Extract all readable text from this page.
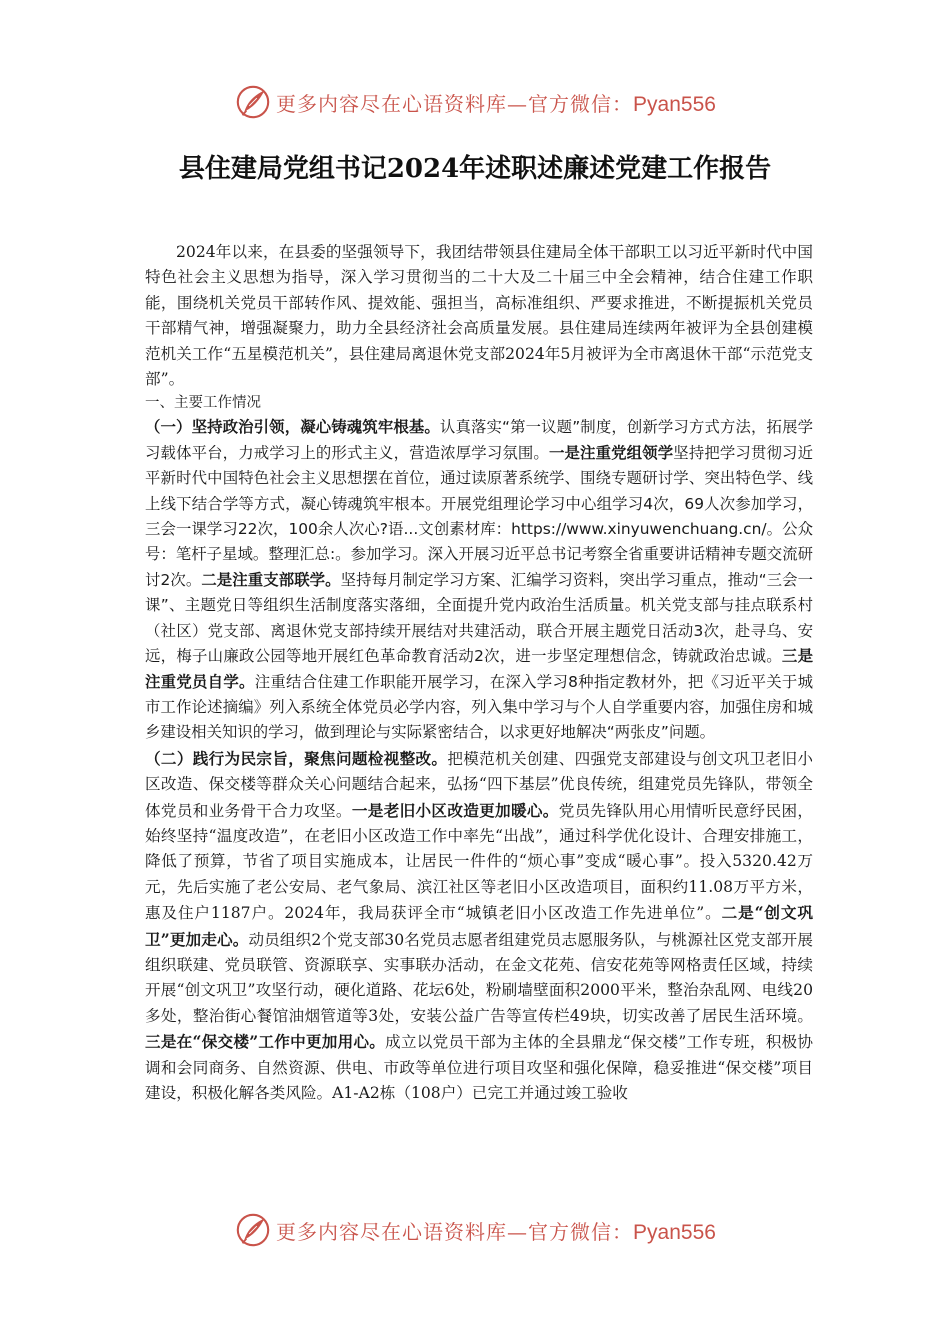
更多内容尽在心语资料库—官方微信：Pyan556
县住建局党组书记2024年述职述廉述党建工作报告

2024年以来，在县委的坚强领导下，我团结带领县住建局全体干部职工以习近平新时代中国特色社会主义思想为指导，深入学习贯彻当的二十大及二十届三中全会精神，结合住建工作职能，围绕机关党员干部转作风、提效能、强担当，高标准组织、严要求推进，不断提振机关党员干部精气神，增强凝聚力，助力全县经济社会高质量发展。县住建局连续两年被评为全县创建模范机关工作“五星模范机关”，县住建局离退休党支部2024年5月被评为全市离退休干部“示范党支部”。

一、主要工作情况

（一）坚持政治引领，凝心铸魂筑牢根基。认真落实“第一议题”制度，创新学习方式方法，拓展学习载体平台，力戒学习上的形式主义，营造浓厚学习氛围。一是注重党组领学坚持把学习贯彻习近平新时代中国特色社会主义思想摆在首位，通过读原著系统学、围绕专题研讨学、突出特色学、线上线下结合学等方式，凝心铸魂筑牢根本。开展党组理论学习中心组学习4次，69人次参加学习，三会一课学习22次，100余人次心?语...文创素材库：https://www.xinyuwenchuang.cn/。公众号：笔杆子星域。整理汇总:。参加学习。深入开展习近平总书记考察全省重要讲话精神专题交流研讨2次。二是注重支部联学。坚持每月制定学习方案、汇编学习资料，突出学习重点，推动“三会一课”、主题党日等组织生活制度落实落细，全面提升党内政治生活质量。机关党支部与挂点联系村（社区）党支部、离退休党支部持续开展结对共建活动，联合开展主题党日活动3次，赴寻乌、安远，梅子山廉政公园等地开展红色革命教育活动2次，进一步坚定理想信念，铸就政治忠诚。三是注重党员自学。注重结合住建工作职能开展学习，在深入学习8种指定教材外，把《习近平关于城市工作论述摘编》列入系统全体党员必学内容，列入集中学习与个人自学重要内容，加强住房和城乡建设相关知识的学习，做到理论与实际紧密结合，以求更好地解决“两张皮”问题。

（二）践行为民宗旨，聚焦问题检视整改。把模范机关创建、四强党支部建设与创文巩卫老旧小区改造、保交楼等群众关心问题结合起来，弘扬“四下基层”优良传统，组建党员先锋队，带领全体党员和业务骨干合力攻坚。一是老旧小区改造更加暖心。党员先锋队用心用情听民意纾民困，始终坚持“温度改造”，在老旧小区改造工作中率先“出战”，通过科学优化设计、合理安排施工，降低了预算，节省了项目实施成本，让居民一件件的“烦心事”变成“暖心事”。投入5320.42万元，先后实施了老公安局、老气象局、滨江社区等老旧小区改造项目，面积约11.08万平方米，惠及住户1187户。2024年，我局获评全市“城镇老旧小区改造工作先进单位”。二是“创文巩卫”更加走心。动员组织2个党支部30名党员志愿者组建党员志愿服务队，与桃源社区党支部开展组织联建、党员联管、资源联享、实事联办活动，在金文花苑、信安花苑等网格责任区域，持续开展“创文巩卫”攻坚行动，硬化道路、花坛6处，粉刷墙壁面积2000平米，整治杂乱网、电线20多处，整治街心餐馆油烟管道等3处，安装公益广告等宣传栏49块，切实改善了居民生活环境。三是在“保交楼”工作中更加用心。成立以党员干部为主体的全县鼎龙“保交楼”工作专班，积极协调和会同商务、自然资源、供电、市政等单位进行项目攻坚和强化保障，稳妥推进“保交楼”项目建设，积极化解各类风险。A1-A2栋（108户）已完工并通过竣工验收

更多内容尽在心语资料库—官方微信：Pyan556
